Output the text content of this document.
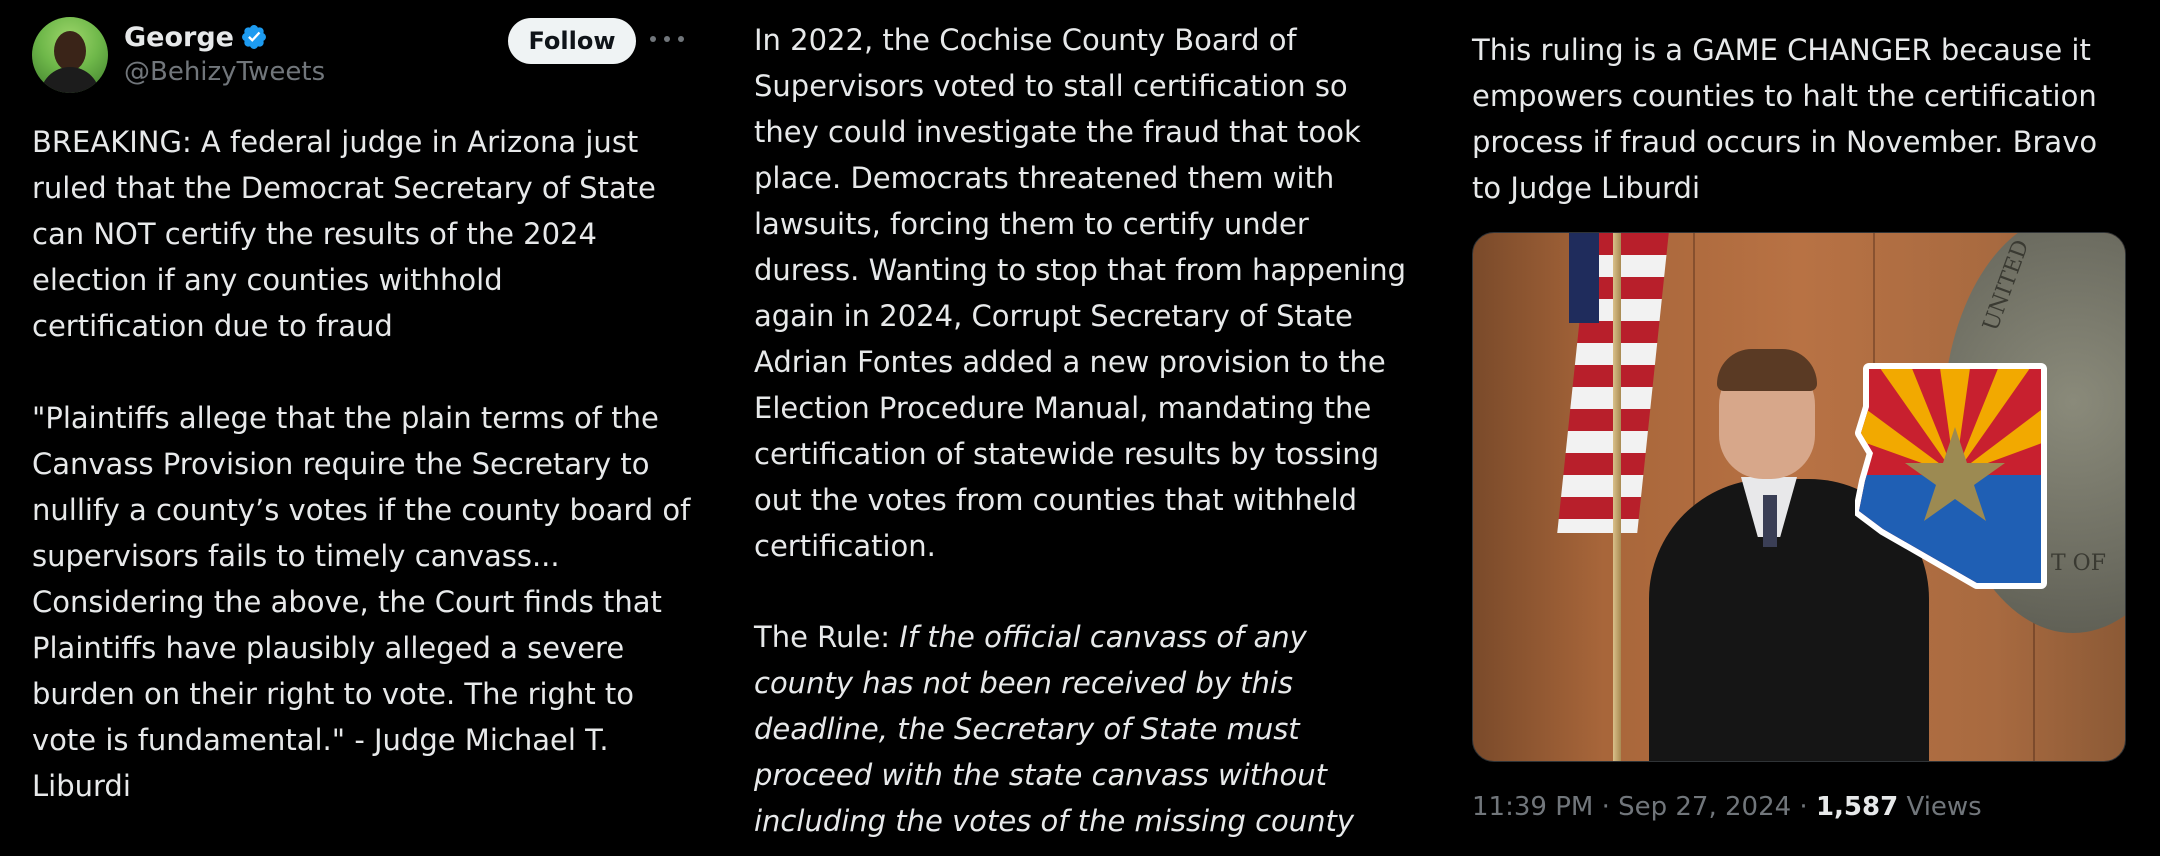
George
@BehizyTweets
Follow

BREAKING: A federal judge in Arizona just
ruled that the Democrat Secretary of State
can NOT certify the results of the 2024
election if any counties withhold
certification due to fraud

"Plaintiffs allege that the plain terms of the
Canvass Provision require the Secretary to
nullify a county’s votes if the county board of
supervisors fails to timely canvass...
Considering the above, the Court finds that
Plaintiffs have plausibly alleged a severe
burden on their right to vote. The right to
vote is fundamental." - Judge Michael T.
Liburdi

In 2022, the Cochise County Board of
Supervisors voted to stall certification so
they could investigate the fraud that took
place. Democrats threatened them with
lawsuits, forcing them to certify under
duress. Wanting to stop that from happening
again in 2024, Corrupt Secretary of State
Adrian Fontes added a new provision to the
Election Procedure Manual, mandating the
certification of statewide results by tossing
out the votes from counties that withheld
certification.

The Rule: If the official canvass of any
county has not been received by this
deadline, the Secretary of State must
proceed with the state canvass without
including the votes of the missing county

This ruling is a GAME CHANGER because it
empowers counties to halt the certification
process if fraud occurs in November. Bravo
to Judge Liburdi

UNITED
T OF
11:39 PM · Sep 27, 2024 · 1,587 Views
